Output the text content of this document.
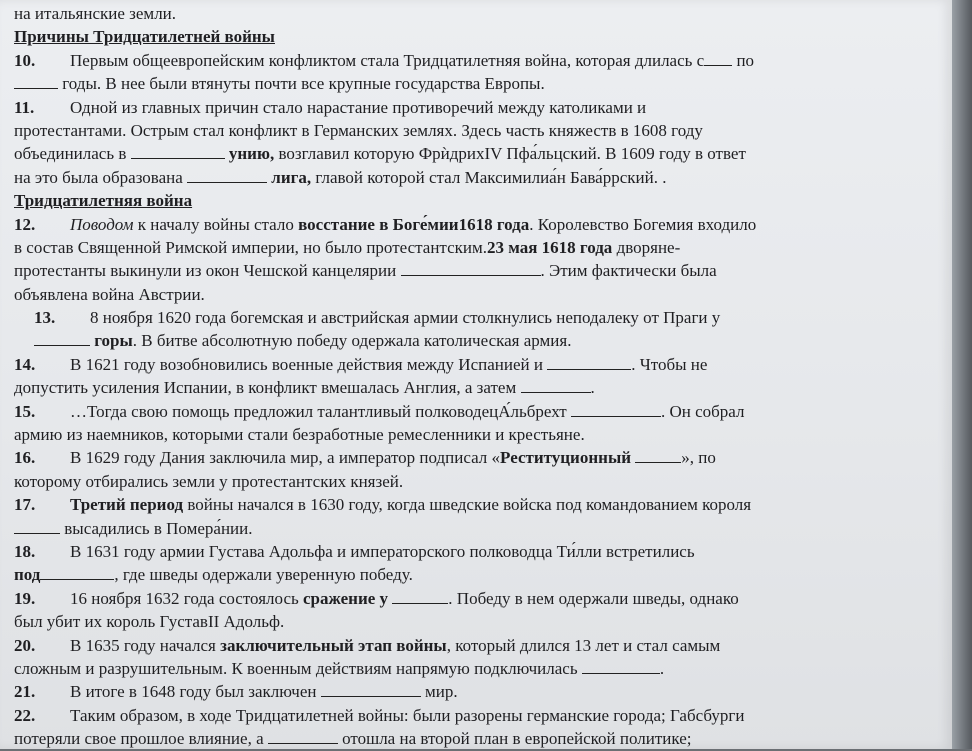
на итальянские земли.
Причины Тридцатилетней войны
10. Первым общеевропейским конфликтом стала Тридцатилетняя война, которая длилась с по
годы. В нее были втянуты почти все крупные государства Европы.
11. Одной из главных причин стало нарастание противоречий между католиками и
протестантами. Острым стал конфликт в Германских землях. Здесь часть княжеств в 1608 году
объединилась в	унию, возглавил которую ФрѝдрихIV Пфа́льцский. В 1609 году в ответ
на это была образована	лига, главой которой стал Максимилиа́н Бава́ррский. .
Тридцатилетняя война
12. Поводом к началу войны стало восстание в Боге́мии1618 года. Королевство Богемия входило
в состав Священной Римской империи, но было протестантским.23 мая 1618 года дворяне-
протестанты выкинули из окон Чешской канцелярии	. Этим фактически была
объявлена война Австрии.
13. 8 ноября 1620 года богемская и австрийская армии столкнулись неподалеку от Праги у
горы. В битве абсолютную победу одержала католическая армия.
14. В 1621 году возобновились военные действия между Испанией и	. Чтобы не
допустить усиления Испании, в конфликт вмешалась Англия, а затем	.
15. …Тогда свою помощь предложил талантливый полководецА́льбрехт	. Он собрал
армию из наемников, которыми стали безработные ремесленники и крестьяне.
16. В 1629 году Дания заключила мир, а император подписал «Реституционный	», по
которому отбирались земли у протестантских князей.
17. Третий период войны начался в 1630 году, когда шведские войска под командованием короля
высадились в Помера́нии.
18. В 1631 году армии Густава Адольфа и императорского полководца Ти́лли встретились
под	, где шведы одержали уверенную победу.
19. 16 ноября 1632 года состоялось сражение у	. Победу в нем одержали шведы, однако
был убит их король ГуставII Адольф.
20. В 1635 году начался заключительный этап войны, который длился 13 лет и стал самым
сложным и разрушительным. К военным действиям напрямую подключилась	.
21. В итоге в 1648 году был заключен	мир.
22. Таким образом, в ходе Тридцатилетней войны: были разорены германские города; Габсбурги
потеряли свое прошлое влияние, а	отошла на второй план в европейской политике;
